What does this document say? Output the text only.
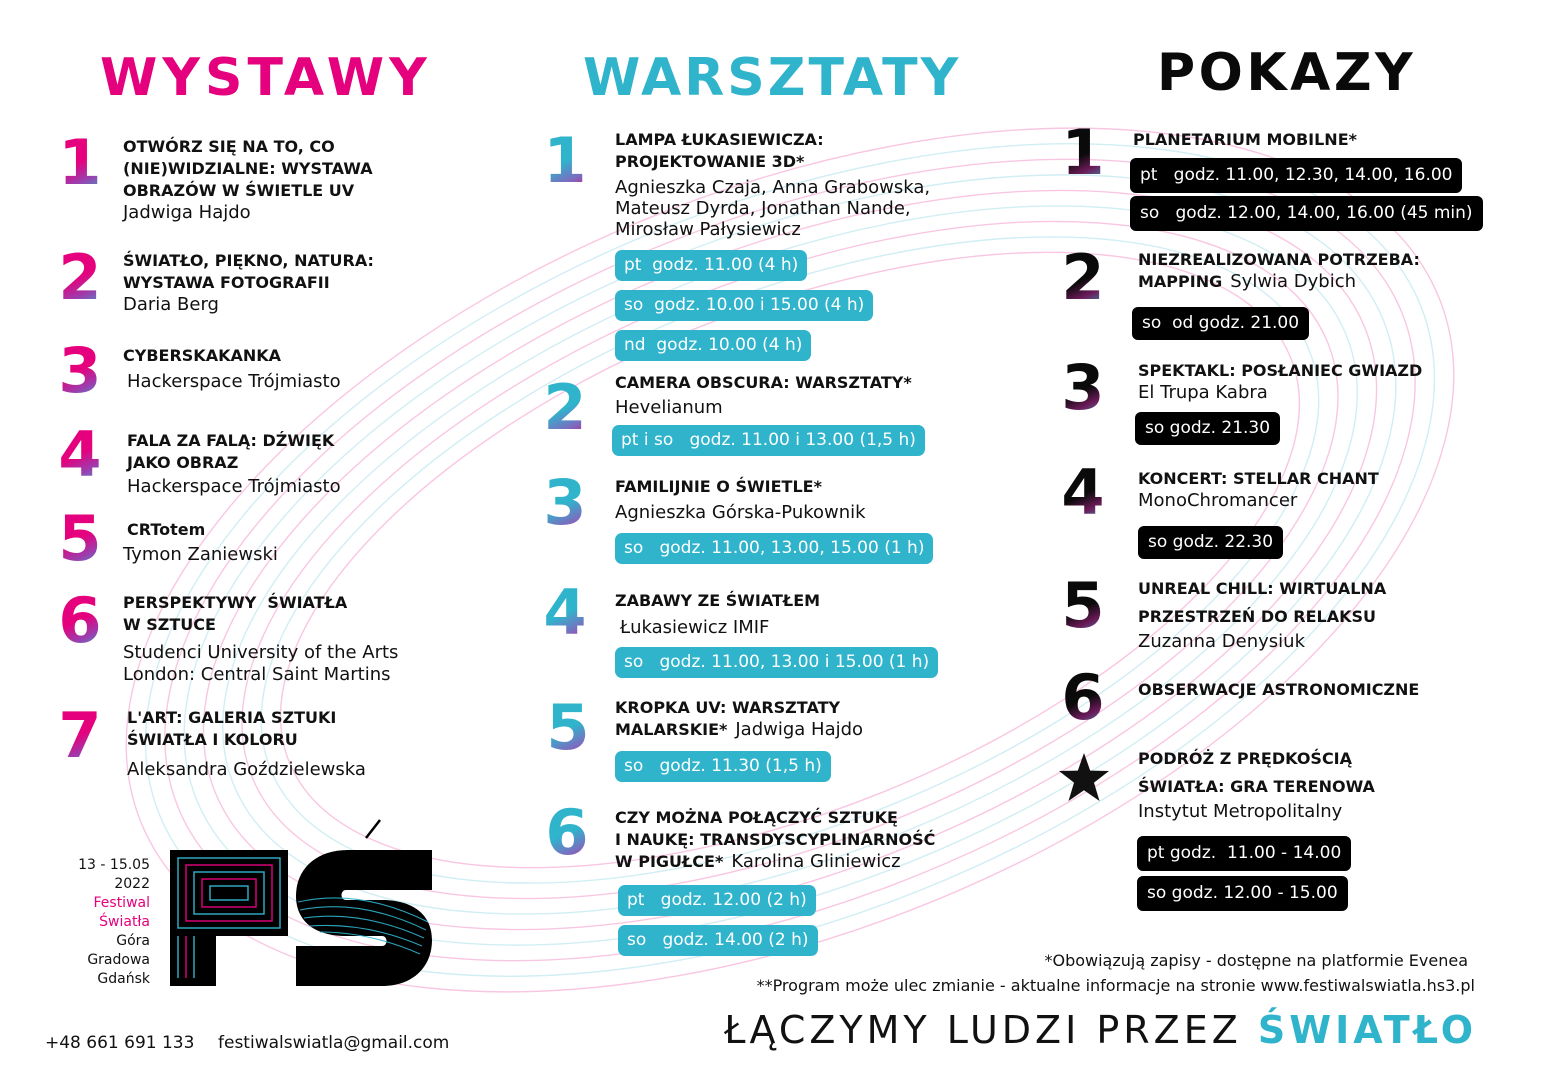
WYSTAWY
1 OTWÓRZ SIĘ NA TO, CO
(NIE)WIDZIALNE: WYSTAWA
OBRAZÓW W ŚWIETLE UV
Jadwiga Hajdo
2 ŚWIATŁO, PIĘKNO, NATURA:
WYSTAWA FOTOGRAFII
Daria Berg
3 CYBERSKAKANKA
Hackerspace Trójmiasto
4 FALA ZA FALĄ: DŹWIĘK
JAKO OBRAZ
Hackerspace Trójmiasto
5 CRTotem
Tymon Zaniewski
6 PERSPEKTYWY  ŚWIATŁA
W SZTUCE
Studenci University of the Arts
London: Central Saint Martins
7 L'ART: GALERIA SZTUKI
ŚWIATŁA I KOLORU
Aleksandra Goździelewska
13 - 15.05
2022
Festiwal
Światła
Góra
Gradowa
Gdańsk
+48 661 691 133 festiwalswiatla@gmail.com
WARSZTATY
1 LAMPA ŁUKASIEWICZA:
PROJEKTOWANIE 3D*
Agnieszka Czaja, Anna Grabowska,
Mateusz Dyrda, Jonathan Nande,
Mirosław Pałysiewicz
pt  godz. 11.00 (4 h)
so  godz. 10.00 i 15.00 (4 h)
nd  godz. 10.00 (4 h)
2 CAMERA OBSCURA: WARSZTATY*
Hevelianum
pt i so   godz. 11.00 i 13.00 (1,5 h)
3 FAMILIJNIE O ŚWIETLE*
Agnieszka Górska-Pukownik
so   godz. 11.00, 13.00, 15.00 (1 h)
4 ZABAWY ZE ŚWIATŁEM
Łukasiewicz IMIF
so   godz. 11.00, 13.00 i 15.00 (1 h)
5 KROPKA UV: WARSZTATY
MALARSKIE* Jadwiga Hajdo
so   godz. 11.30 (1,5 h)
6 CZY MOŻNA POŁĄCZYĆ SZTUKĘ
I NAUKĘ: TRANSDYSCYPLINARNOŚĆ
W PIGUŁCE* Karolina Gliniewicz
pt   godz. 12.00 (2 h)
so   godz. 14.00 (2 h)
POKAZY
1 PLANETARIUM MOBILNE*
pt   godz. 11.00, 12.30, 14.00, 16.00
so   godz. 12.00, 14.00, 16.00 (45 min)
2 NIEZREALIZOWANA POTRZEBA:
MAPPING Sylwia Dybich
so  od godz. 21.00
3 SPEKTAKL: POSŁANIEC GWIAZD
El Trupa Kabra
so godz. 21.30
4 KONCERT: STELLAR CHANT
MonoChromancer
so godz. 22.30
5 UNREAL CHILL: WIRTUALNA
PRZESTRZEŃ DO RELAKSU
Zuzanna Denysiuk
6 OBSERWACJE ASTRONOMICZNE
PODRÓŻ Z PRĘDKOŚCIĄ
ŚWIATŁA: GRA TERENOWA
Instytut Metropolitalny
pt godz.  11.00 - 14.00
so godz. 12.00 - 15.00
*Obowiązują zapisy - dostępne na platformie Evenea
**Program może ulec zmianie - aktualne informacje na stronie www.festiwalswiatla.hs3.pl
ŁĄCZYMY LUDZI PRZEZ ŚWIATŁO
